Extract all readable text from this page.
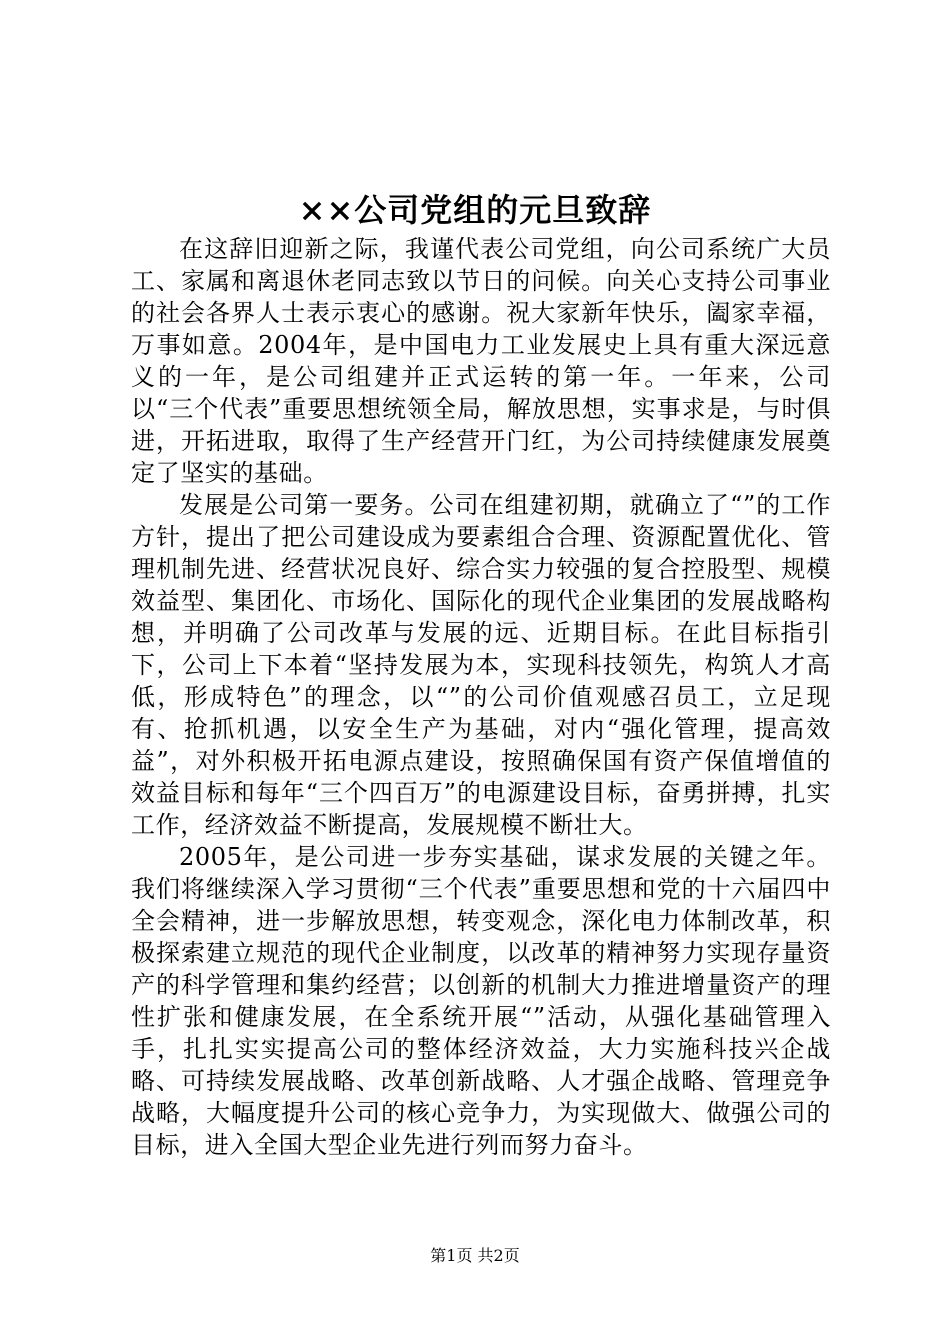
××公司党组的元旦致辞

在这辞旧迎新之际，我谨代表公司党组，向公司系统广大员工、家属和离退休老同志致以节日的问候。向关心支持公司事业的社会各界人士表示衷心的感谢。祝大家新年快乐，阖家幸福，万事如意。2004年，是中国电力工业发展史上具有重大深远意义的一年，是公司组建并正式运转的第一年。一年来，公司以“三个代表”重要思想统领全局，解放思想，实事求是，与时俱进，开拓进取，取得了生产经营开门红，为公司持续健康发展奠定了坚实的基础。

发展是公司第一要务。公司在组建初期，就确立了“”的工作方针，提出了把公司建设成为要素组合合理、资源配置优化、管理机制先进、经营状况良好、综合实力较强的复合控股型、规模效益型、集团化、市场化、国际化的现代企业集团的发展战略构想，并明确了公司改革与发展的远、近期目标。在此目标指引下，公司上下本着“坚持发展为本，实现科技领先，构筑人才高低，形成特色”的理念，以“”的公司价值观感召员工，立足现有、抢抓机遇，以安全生产为基础，对内“强化管理，提高效益”，对外积极开拓电源点建设，按照确保国有资产保值增值的效益目标和每年“三个四百万”的电源建设目标，奋勇拼搏，扎实工作，经济效益不断提高，发展规模不断壮大。

2005年，是公司进一步夯实基础，谋求发展的关键之年。我们将继续深入学习贯彻“三个代表”重要思想和党的十六届四中全会精神，进一步解放思想，转变观念，深化电力体制改革，积极探索建立规范的现代企业制度，以改革的精神努力实现存量资产的科学管理和集约经营；以创新的机制大力推进增量资产的理性扩张和健康发展，在全系统开展“”活动，从强化基础管理入手，扎扎实实提高公司的整体经济效益，大力实施科技兴企战略、可持续发展战略、改革创新战略、人才强企战略、管理竞争战略，大幅度提升公司的核心竞争力，为实现做大、做强公司的目标，进入全国大型企业先进行列而努力奋斗。

第1页 共2页
